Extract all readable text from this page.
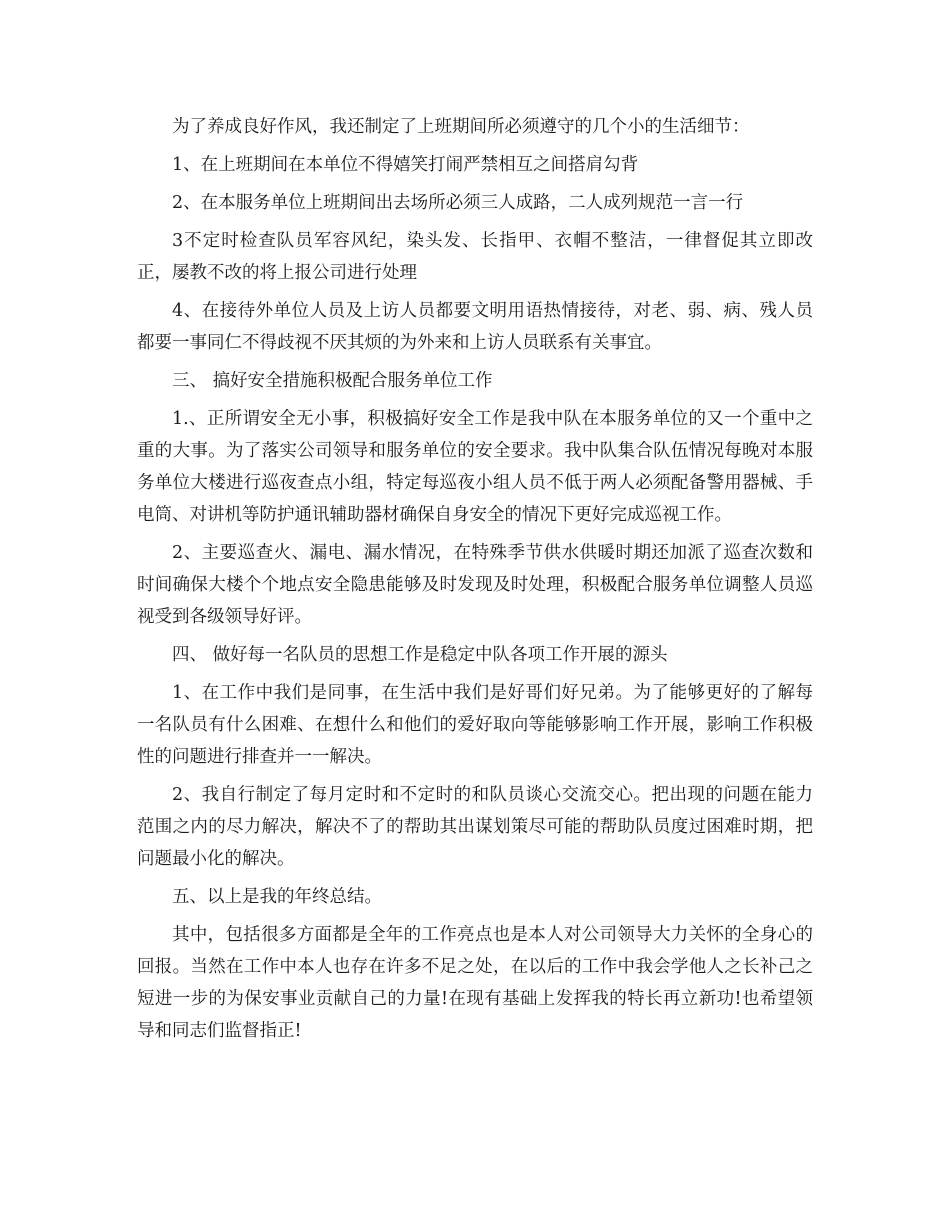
为了养成良好作风，我还制定了上班期间所必须遵守的几个小的生活细节：

1、在上班期间在本单位不得嬉笑打闹严禁相互之间搭肩勾背

2、在本服务单位上班期间出去场所必须三人成路，二人成列规范一言一行

3不定时检查队员军容风纪，染头发、长指甲、衣帽不整洁，一律督促其立即改正，屡教不改的将上报公司进行处理

4、在接待外单位人员及上访人员都要文明用语热情接待，对老、弱、病、残人员都要一事同仁不得歧视不厌其烦的为外来和上访人员联系有关事宜。

三、 搞好安全措施积极配合服务单位工作

1.、正所谓安全无小事，积极搞好安全工作是我中队在本服务单位的又一个重中之重的大事。为了落实公司领导和服务单位的安全要求。我中队集合队伍情况每晚对本服务单位大楼进行巡夜查点小组，特定每巡夜小组人员不低于两人必须配备警用器械、手电筒、对讲机等防护通讯辅助器材确保自身安全的情况下更好完成巡视工作。

2、主要巡查火、漏电、漏水情况，在特殊季节供水供暖时期还加派了巡查次数和时间确保大楼个个地点安全隐患能够及时发现及时处理，积极配合服务单位调整人员巡视受到各级领导好评。

四、 做好每一名队员的思想工作是稳定中队各项工作开展的源头

1、在工作中我们是同事，在生活中我们是好哥们好兄弟。为了能够更好的了解每一名队员有什么困难、在想什么和他们的爱好取向等能够影响工作开展，影响工作积极性的问题进行排查并一一解决。

2、我自行制定了每月定时和不定时的和队员谈心交流交心。把出现的问题在能力范围之内的尽力解决，解决不了的帮助其出谋划策尽可能的帮助队员度过困难时期，把问题最小化的解决。

五、以上是我的年终总结。

其中，包括很多方面都是全年的工作亮点也是本人对公司领导大力关怀的全身心的回报。当然在工作中本人也存在许多不足之处，在以后的工作中我会学他人之长补己之短进一步的为保安事业贡献自己的力量!在现有基础上发挥我的特长再立新功!也希望领导和同志们监督指正!
